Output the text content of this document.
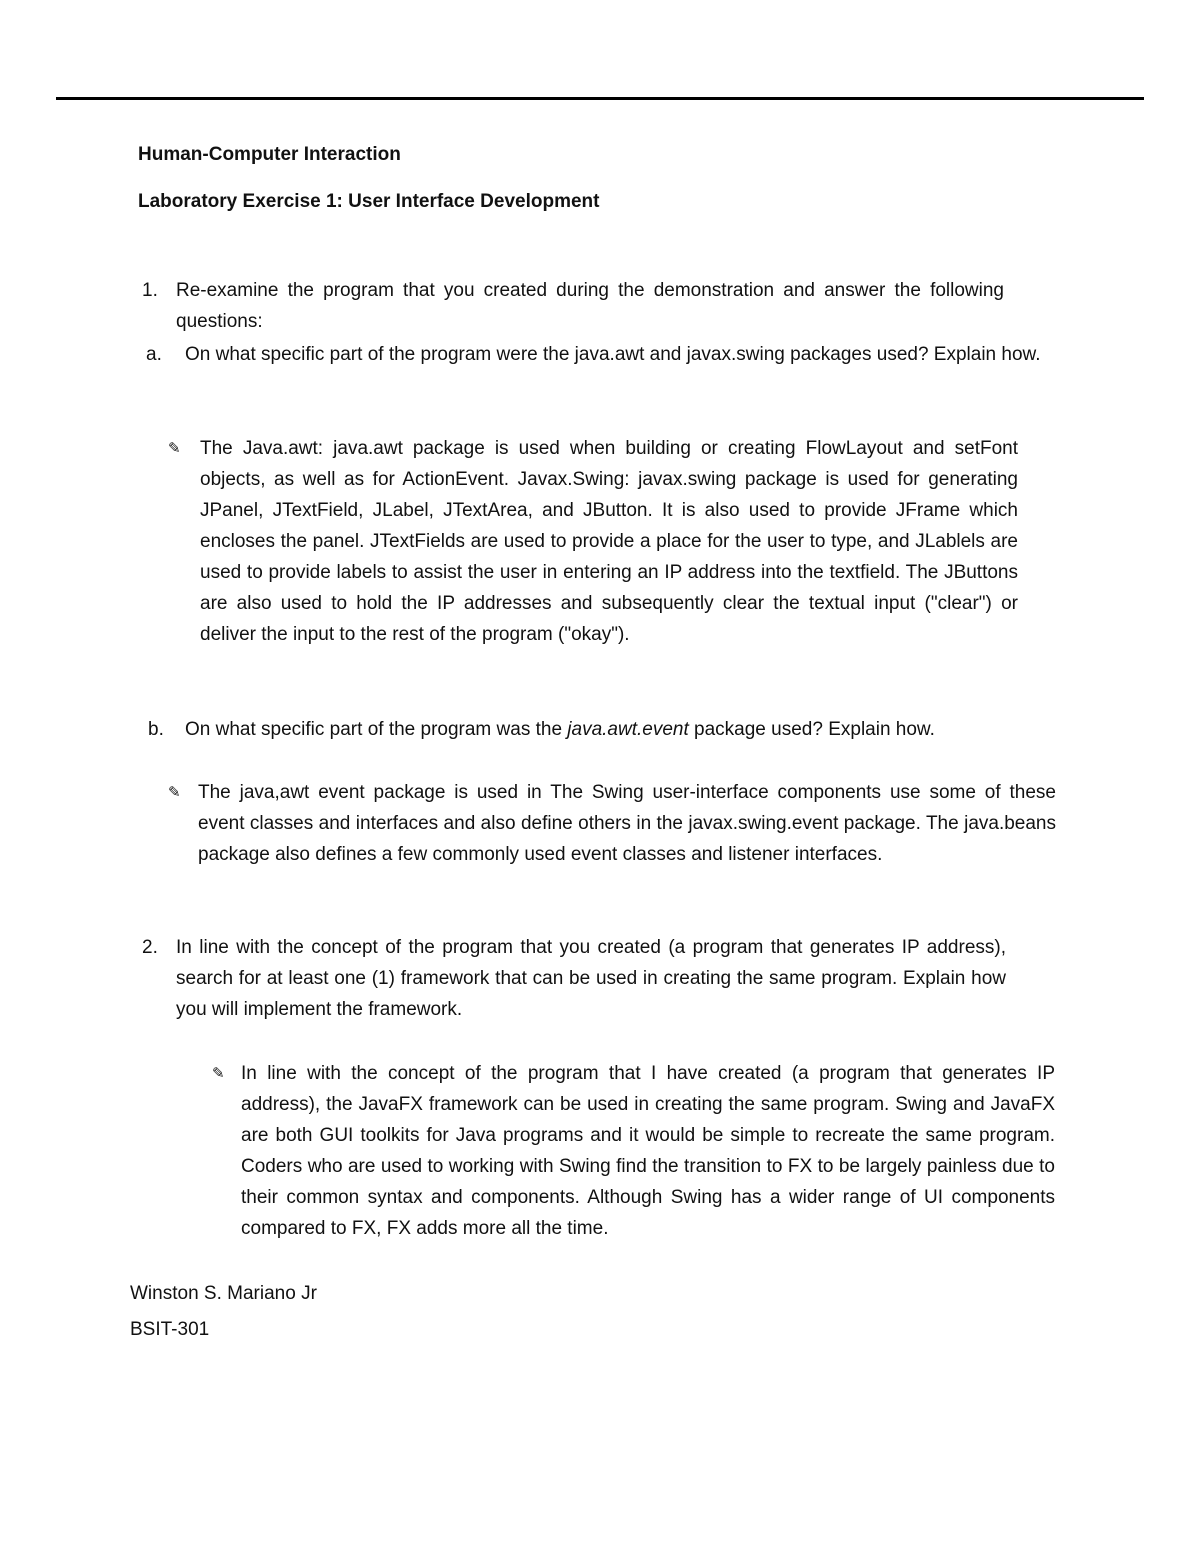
Human-Computer Interaction
Laboratory Exercise 1: User Interface Development
1. Re-examine the program that you created during the demonstration and answer the following questions:
a. On what specific part of the program were the java.awt and javax.swing packages used? Explain how.
✎ The Java.awt: java.awt package is used when building or creating FlowLayout and setFont objects, as well as for ActionEvent. Javax.Swing: javax.swing package is used for generating JPanel, JTextField, JLabel, JTextArea, and JButton. It is also used to provide JFrame which encloses the panel. JTextFields are used to provide a place for the user to type, and JLablels are used to provide labels to assist the user in entering an IP address into the textfield. The JButtons are also used to hold the IP addresses and subsequently clear the textual input ("clear") or deliver the input to the rest of the program ("okay").
b. On what specific part of the program was the java.awt.event package used? Explain how.
✎ The java,awt event package is used in The Swing user-interface components use some of these event classes and interfaces and also define others in the javax.swing.event package. The java.beans package also defines a few commonly used event classes and listener interfaces.
2. In line with the concept of the program that you created (a program that generates IP address), search for at least one (1) framework that can be used in creating the same program. Explain how you will implement the framework.
✎ In line with the concept of the program that I have created (a program that generates IP address), the JavaFX framework can be used in creating the same program. Swing and JavaFX are both GUI toolkits for Java programs and it would be simple to recreate the same program. Coders who are used to working with Swing find the transition to FX to be largely painless due to their common syntax and components. Although Swing has a wider range of UI components compared to FX, FX adds more all the time.
Winston S. Mariano Jr
BSIT-301
